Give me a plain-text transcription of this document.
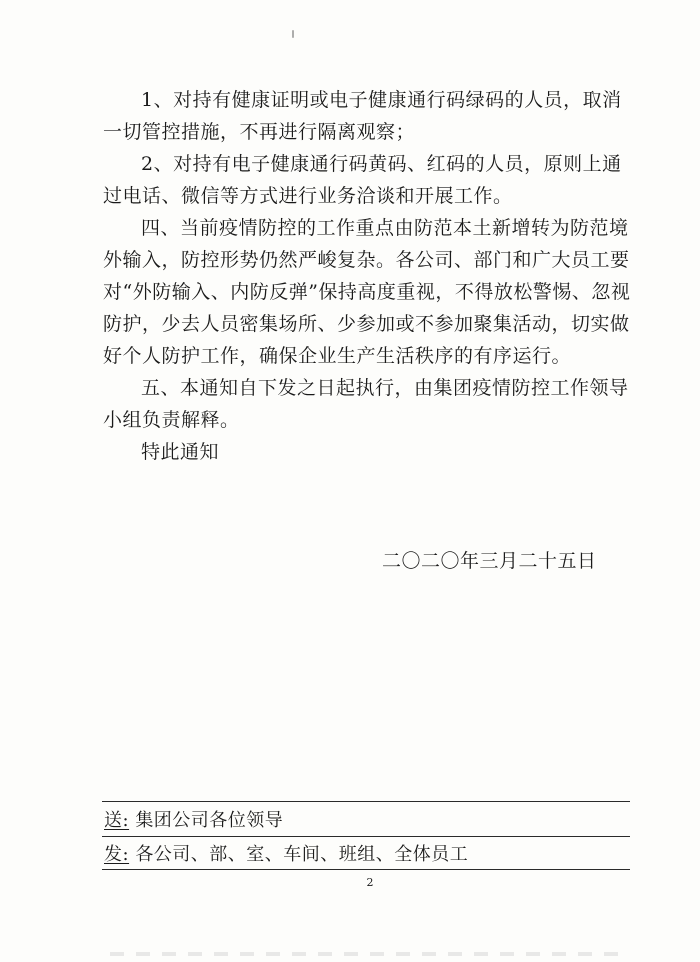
1、对持有健康证明或电子健康通行码绿码的人员，取消一切管控措施，不再进行隔离观察；
2、对持有电子健康通行码黄码、红码的人员，原则上通过电话、微信等方式进行业务洽谈和开展工作。
四、当前疫情防控的工作重点由防范本土新增转为防范境外输入，防控形势仍然严峻复杂。各公司、部门和广大员工要对“外防输入、内防反弹”保持高度重视，不得放松警惕、忽视防护，少去人员密集场所、少参加或不参加聚集活动，切实做好个人防护工作，确保企业生产生活秩序的有序运行。
五、本通知自下发之日起执行，由集团疫情防控工作领导小组负责解释。
特此通知
二〇二〇年三月二十五日
送: 集团公司各位领导
发: 各公司、部、室、车间、班组、全体员工
2
